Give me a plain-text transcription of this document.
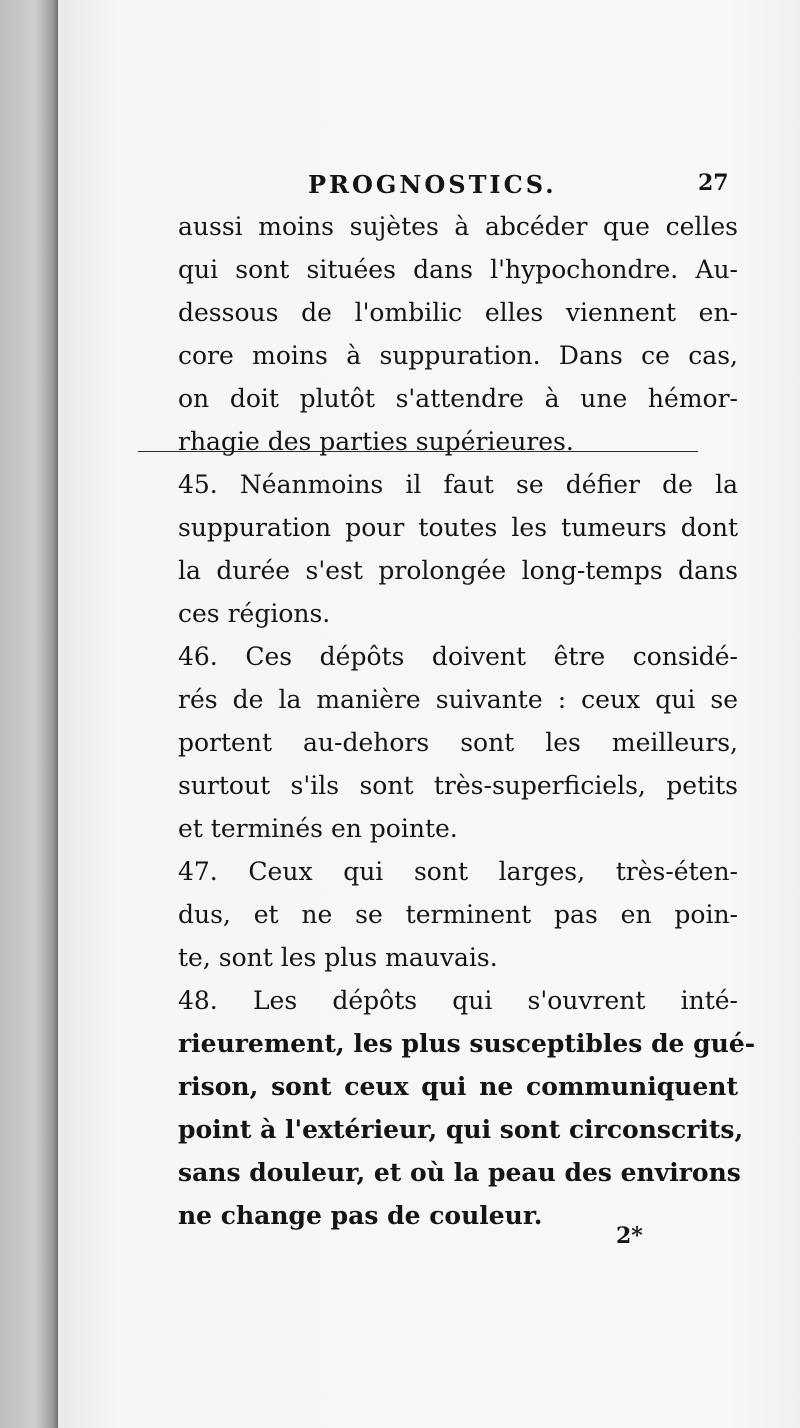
PROGNOSTICS.	27
aussi moins sujètes à abcéder que celles
qui sont situées dans l'hypochondre. Au-
dessous de l'ombilic elles viennent en-
core moins à suppuration. Dans ce cas,
on doit plutôt s'attendre à une hémor-
rhagie des parties supérieures.
45. Néanmoins il faut se défier de la
suppuration pour toutes les tumeurs dont
la durée s'est prolongée long-temps dans
ces régions.
46. Ces dépôts doivent être considé-
rés de la manière suivante : ceux qui se
portent au-dehors sont les meilleurs,
surtout s'ils sont très-superficiels, petits
et terminés en pointe.
47. Ceux qui sont larges, très-éten-
dus, et ne se terminent pas en poin-
te, sont les plus mauvais.
48. Les dépôts qui s'ouvrent inté-
rieurement, les plus susceptibles de gué-
rison, sont ceux qui ne communiquent
point à l'extérieur, qui sont circonscrits,
sans douleur, et où la peau des environs
ne change pas de couleur.
2*
